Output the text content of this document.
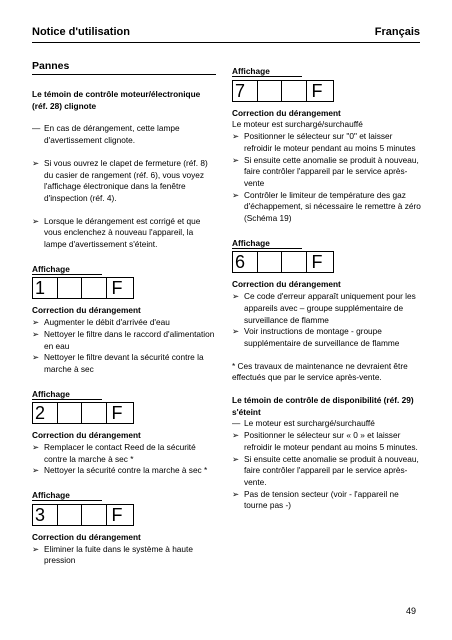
Notice d'utilisation	Français
Pannes
Le témoin de contrôle moteur/électronique (réf. 28) clignote
— En cas de dérangement, cette lampe d'avertissement clignote.
➢ Si vous ouvrez le clapet de fermeture (réf. 8) du casier de rangement (réf. 6), vous voyez l'affichage électronique dans la fenêtre d'inspection (réf. 4).
➢ Lorsque le dérangement est corrigé et que vous enclenchez à nouveau l'appareil, la lampe d'avertissement s'éteint.
Affichage
1	F
Correction du dérangement
➢ Augmenter le débit d'arrivée d'eau
➢ Nettoyer le filtre dans le raccord d'alimentation en eau
➢ Nettoyer le filtre devant la sécurité contre la marche à sec
Affichage
2	F
Correction du dérangement
➢ Remplacer le contact Reed de la sécurité contre la marche à sec *
➢ Nettoyer la sécurité contre la marche à sec *
Affichage
3	F
Correction du dérangement
➢ Eliminer la fuite dans le système à haute pression
Affichage
7	F
Correction du dérangement
Le moteur est surchargé/surchauffé
➢ Positionner le sélecteur sur "0" et laisser refroidir le moteur pendant au moins 5 minutes
➢ Si ensuite cette anomalie se produit à nouveau, faire contrôler l'appareil par le service après-vente
➢ Contrôler le limiteur de température des gaz d'échappement, si nécessaire le remettre à zéro (Schéma 19)
Affichage
6	F
Correction du dérangement
➢ Ce code d'erreur apparaît uniquement pour les appareils avec – groupe supplémentaire de surveillance de flamme
➢ Voir instructions de montage - groupe supplémentaire de surveillance de flamme
* Ces travaux de maintenance ne devraient être effectués que par le service après-vente.
Le témoin de contrôle de disponibilité (réf. 29) s'éteint
— Le moteur est surchargé/surchauffé
➢ Positionner le sélecteur sur « 0 » et laisser refroidir le moteur pendant au moins 5 minutes.
➢ Si ensuite cette anomalie se produit à nouveau, faire contrôler l'appareil par le service après-vente.
➢ Pas de tension secteur (voir - l'appareil ne tourne pas -)
49
